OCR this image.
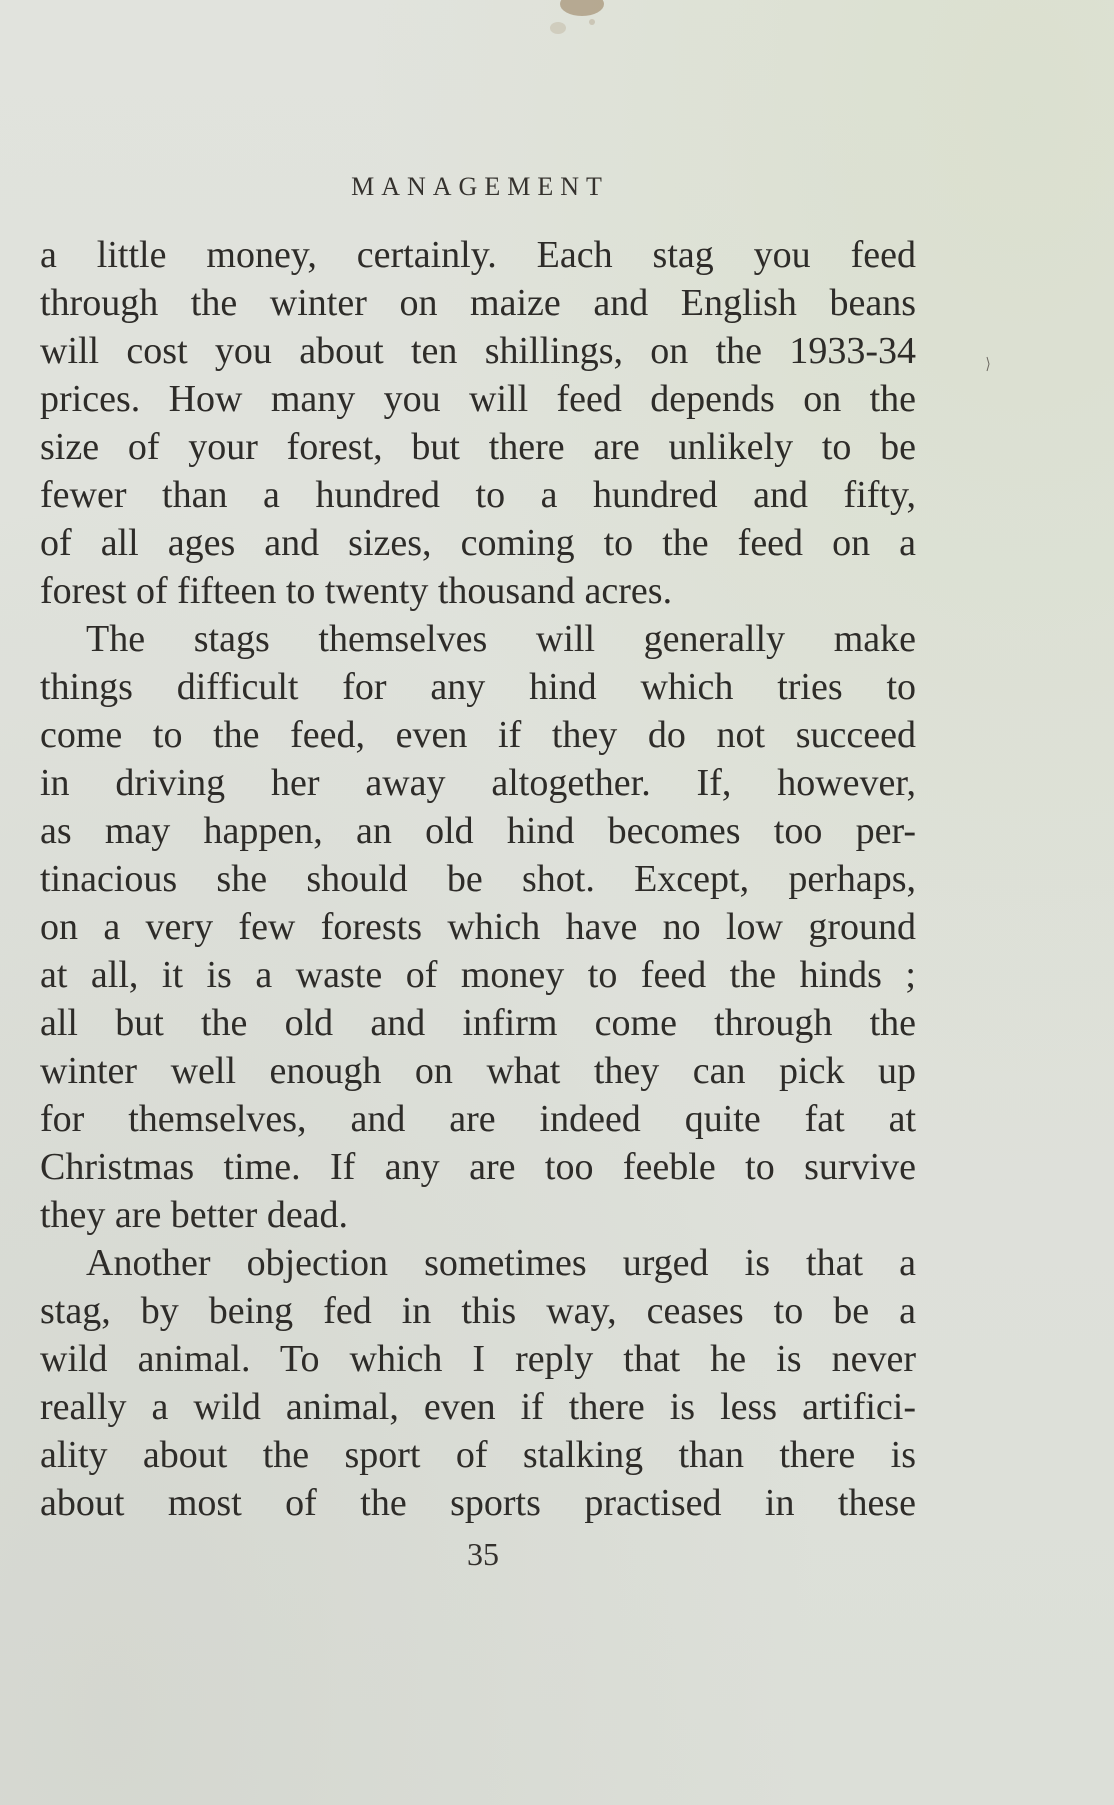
MANAGEMENT
a little money, certainly. Each stag you feed
through the winter on maize and English beans
will cost you about ten shillings, on the 1933-34
prices. How many you will feed depends on the
size of your forest, but there are unlikely to be
fewer than a hundred to a hundred and fifty,
of all ages and sizes, coming to the feed on a
forest of fifteen to twenty thousand acres.
The stags themselves will generally make
things difficult for any hind which tries to
come to the feed, even if they do not succeed
in driving her away altogether. If, however,
as may happen, an old hind becomes too per-
tinacious she should be shot. Except, perhaps,
on a very few forests which have no low ground
at all, it is a waste of money to feed the hinds ;
all but the old and infirm come through the
winter well enough on what they can pick up
for themselves, and are indeed quite fat at
Christmas time. If any are too feeble to survive
they are better dead.
Another objection sometimes urged is that a
stag, by being fed in this way, ceases to be a
wild animal. To which I reply that he is never
really a wild animal, even if there is less artifici-
ality about the sport of stalking than there is
about most of the sports practised in these
35
